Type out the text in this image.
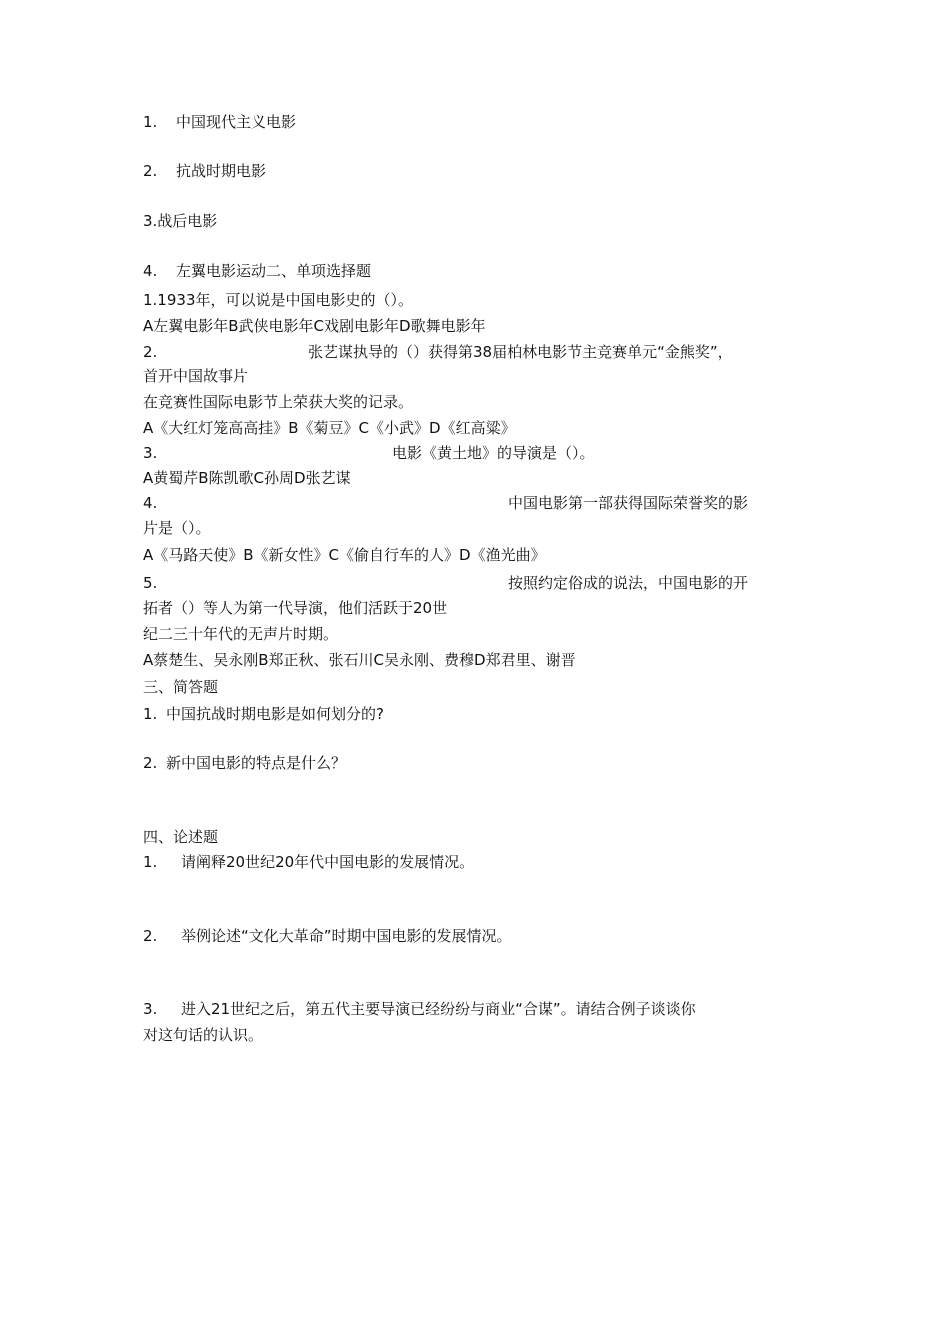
1. 中国现代主义电影
2. 抗战时期电影
3.战后电影
4. 左翼电影运动二、单项选择题
1.1933年，可以说是中国电影史的（）。
A左翼电影年B武侠电影年C戏剧电影年D歌舞电影年
2.	张艺谋执导的（）获得第38届柏林电影节主竞赛单元“金熊奖”，
首开中国故事片
在竞赛性国际电影节上荣获大奖的记录。
A《大红灯笼高高挂》B《菊豆》C《小武》D《红高粱》
3.	电影《黄土地》的导演是（）。
A黄蜀芹B陈凯歌C孙周D张艺谋
4.	中国电影第一部获得国际荣誉奖的影
片是（）。
A《马路天使》B《新女性》C《偷自行车的人》D《渔光曲》
5.	按照约定俗成的说法，中国电影的开
拓者（）等人为第一代导演，他们活跃于20世
纪二三十年代的无声片时期。
A蔡楚生、吴永刚B郑正秋、张石川C吴永刚、费穆D郑君里、谢晋
三、简答题
1. 中国抗战时期电影是如何划分的?
2. 新中国电影的特点是什么？
四、论述题
1. 请阐释20世纪20年代中国电影的发展情况。
2. 举例论述“文化大革命”时期中国电影的发展情况。
3. 进入21世纪之后，第五代主要导演已经纷纷与商业“合谋”。请结合例子谈谈你
对这句话的认识。
